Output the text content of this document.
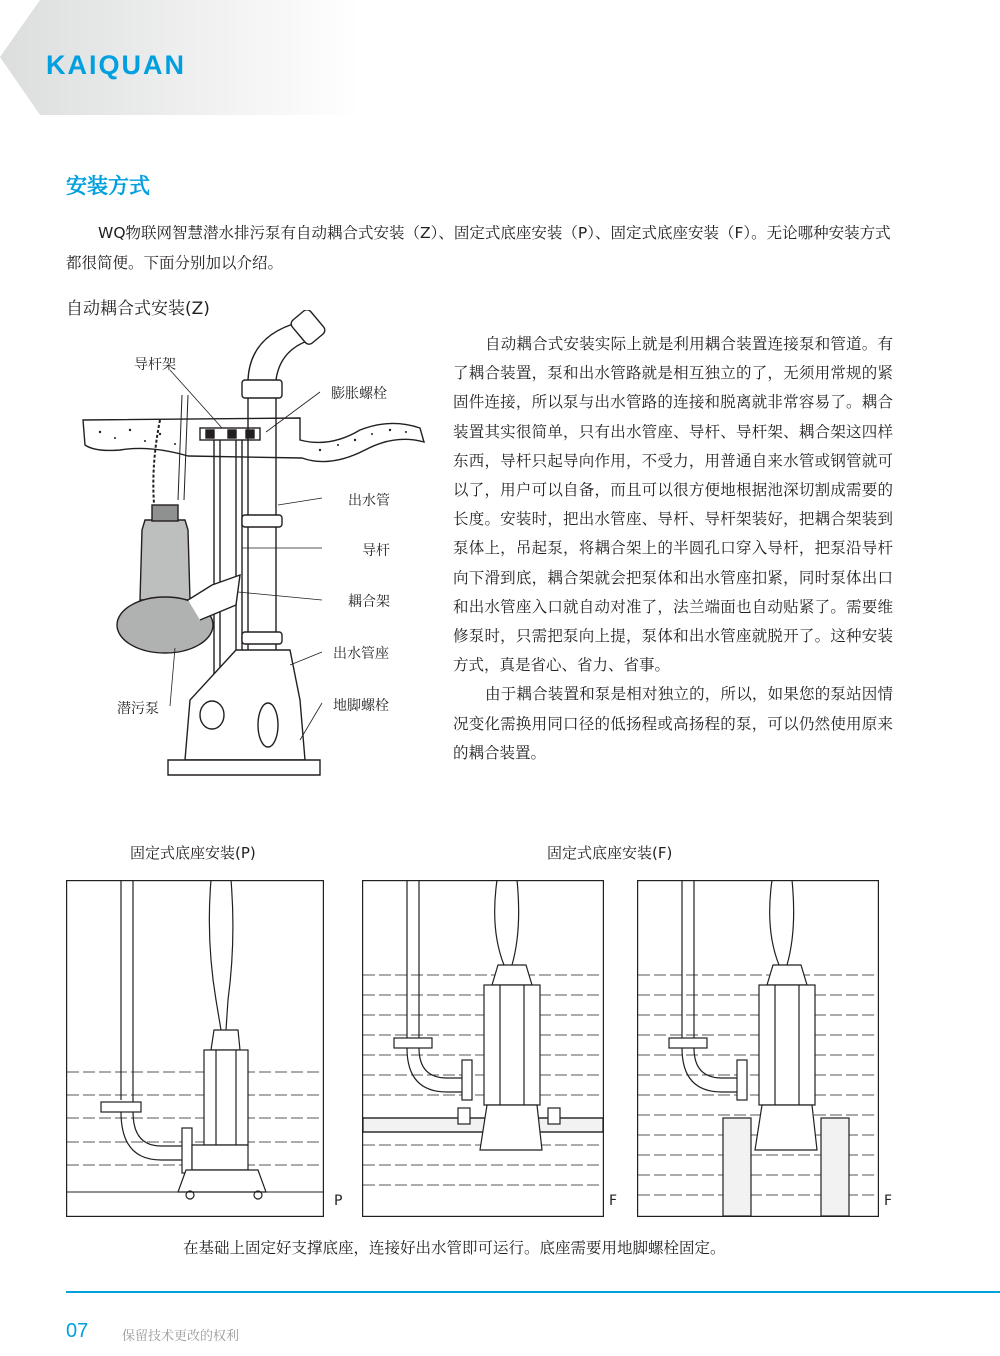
KAIQUAN
安装方式

WQ物联网智慧潜水排污泵有自动耦合式安装（Z）、固定式底座安装（P）、固定式底座安装（F）。无论哪种安装方式都很简便。下面分别加以介绍。

自动耦合式安装(Z)
导杆架
膨胀螺栓
出水管
导杆
耦合架
出水管座
地脚螺栓
潜污泵

自动耦合式安装实际上就是利用耦合装置连接泵和管道。有了耦合装置，泵和出水管路就是相互独立的了，无须用常规的紧固件连接，所以泵与出水管路的连接和脱离就非常容易了。耦合装置其实很简单，只有出水管座、导杆、导杆架、耦合架这四样东西，导杆只起导向作用，不受力，用普通自来水管或钢管就可以了，用户可以自备，而且可以很方便地根据池深切割成需要的长度。安装时，把出水管座、导杆、导杆架装好，把耦合架装到泵体上，吊起泵，将耦合架上的半圆孔口穿入导杆，把泵沿导杆向下滑到底，耦合架就会把泵体和出水管座扣紧，同时泵体出口和出水管座入口就自动对准了，法兰端面也自动贴紧了。需要维修泵时，只需把泵向上提，泵体和出水管座就脱开了。这种安装方式，真是省心、省力、省事。

由于耦合装置和泵是相对独立的，所以，如果您的泵站因情况变化需换用同口径的低扬程或高扬程的泵，可以仍然使用原来的耦合装置。

固定式底座安装(P)	固定式底座安装(F)
P	F	F
在基础上固定好支撑底座，连接好出水管即可运行。底座需要用地脚螺栓固定。
07	保留技术更改的权利
